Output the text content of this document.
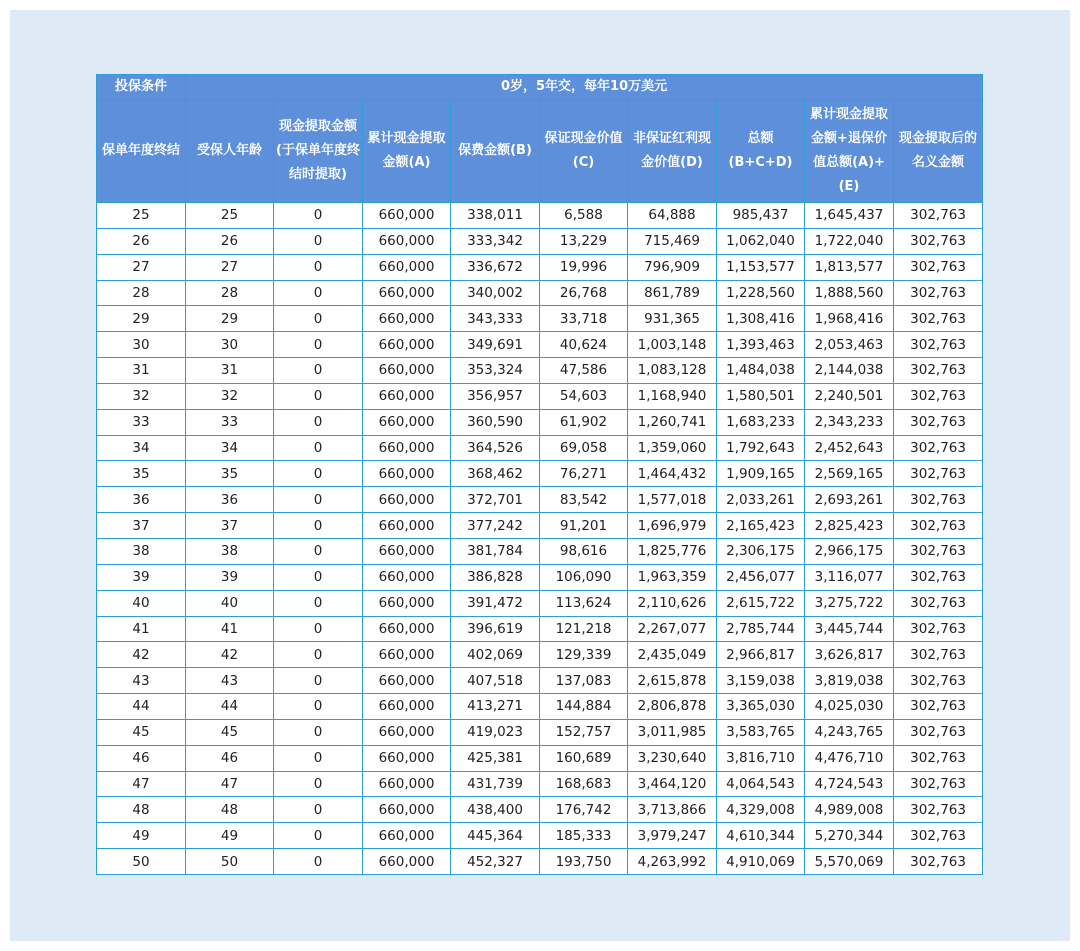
投保条件	0岁，5年交，每年10万美元								
保单年度终结	受保人年龄	现金提取金额(于保单年度终结时提取)	累计现金提取金额(A)	保费金额(B)	保证现金价值(C)	非保证红利现金价值(D)	总额(B+C+D)	累计现金提取金额+退保价值总额(A)+(E)	现金提取后的名义金额
25	25	0	660,000	338,011	6,588	64,888	985,437	1,645,437	302,763
26	26	0	660,000	333,342	13,229	715,469	1,062,040	1,722,040	302,763
27	27	0	660,000	336,672	19,996	796,909	1,153,577	1,813,577	302,763
28	28	0	660,000	340,002	26,768	861,789	1,228,560	1,888,560	302,763
29	29	0	660,000	343,333	33,718	931,365	1,308,416	1,968,416	302,763
30	30	0	660,000	349,691	40,624	1,003,148	1,393,463	2,053,463	302,763
31	31	0	660,000	353,324	47,586	1,083,128	1,484,038	2,144,038	302,763
32	32	0	660,000	356,957	54,603	1,168,940	1,580,501	2,240,501	302,763
33	33	0	660,000	360,590	61,902	1,260,741	1,683,233	2,343,233	302,763
34	34	0	660,000	364,526	69,058	1,359,060	1,792,643	2,452,643	302,763
35	35	0	660,000	368,462	76,271	1,464,432	1,909,165	2,569,165	302,763
36	36	0	660,000	372,701	83,542	1,577,018	2,033,261	2,693,261	302,763
37	37	0	660,000	377,242	91,201	1,696,979	2,165,423	2,825,423	302,763
38	38	0	660,000	381,784	98,616	1,825,776	2,306,175	2,966,175	302,763
39	39	0	660,000	386,828	106,090	1,963,359	2,456,077	3,116,077	302,763
40	40	0	660,000	391,472	113,624	2,110,626	2,615,722	3,275,722	302,763
41	41	0	660,000	396,619	121,218	2,267,077	2,785,744	3,445,744	302,763
42	42	0	660,000	402,069	129,339	2,435,049	2,966,817	3,626,817	302,763
43	43	0	660,000	407,518	137,083	2,615,878	3,159,038	3,819,038	302,763
44	44	0	660,000	413,271	144,884	2,806,878	3,365,030	4,025,030	302,763
45	45	0	660,000	419,023	152,757	3,011,985	3,583,765	4,243,765	302,763
46	46	0	660,000	425,381	160,689	3,230,640	3,816,710	4,476,710	302,763
47	47	0	660,000	431,739	168,683	3,464,120	4,064,543	4,724,543	302,763
48	48	0	660,000	438,400	176,742	3,713,866	4,329,008	4,989,008	302,763
49	49	0	660,000	445,364	185,333	3,979,247	4,610,344	5,270,344	302,763
50	50	0	660,000	452,327	193,750	4,263,992	4,910,069	5,570,069	302,763
